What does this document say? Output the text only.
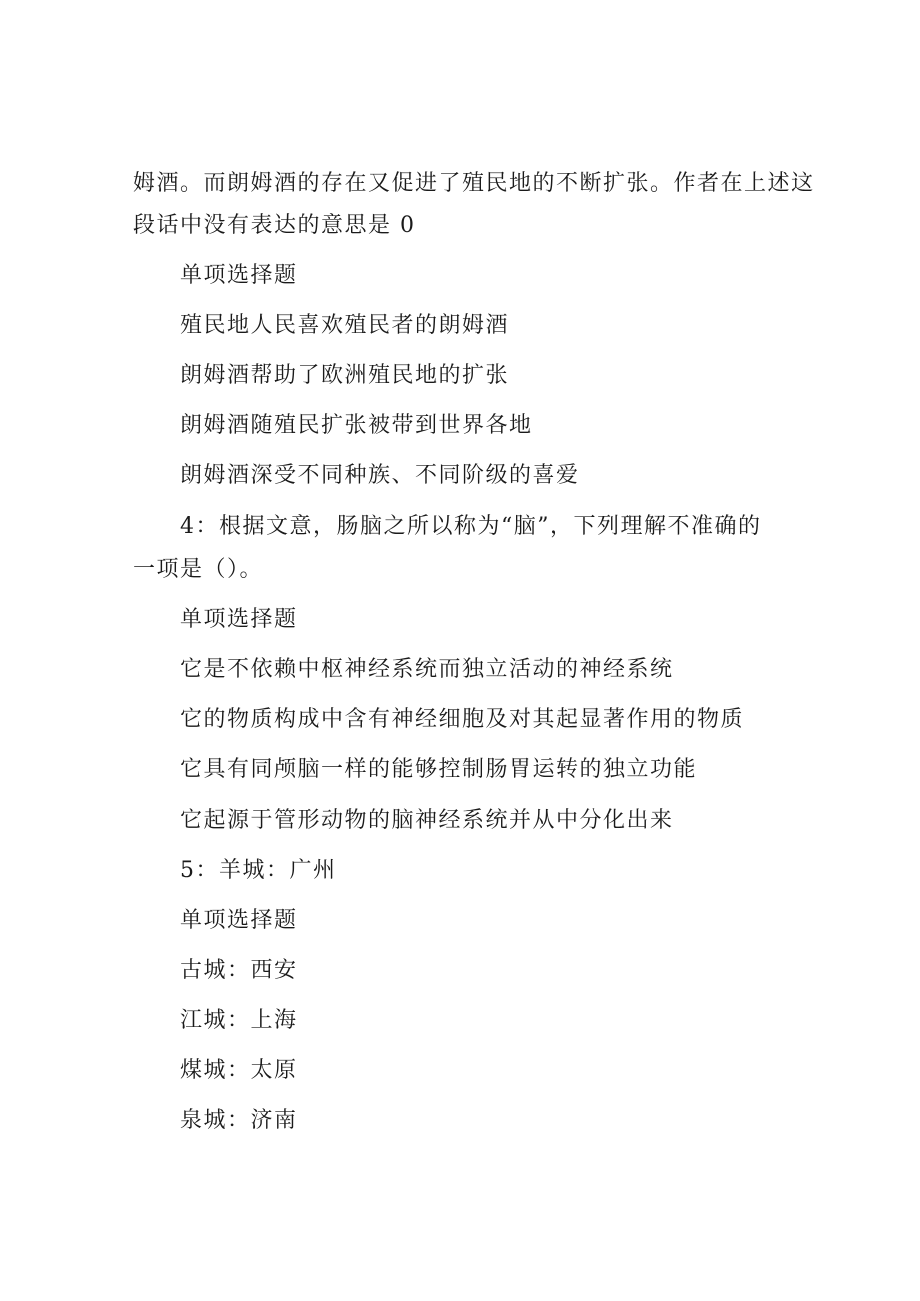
姆酒。而朗姆酒的存在又促进了殖民地的不断扩张。作者在上述这
段话中没有表达的意思是 0
单项选择题
殖民地人民喜欢殖民者的朗姆酒
朗姆酒帮助了欧洲殖民地的扩张
朗姆酒随殖民扩张被带到世界各地
朗姆酒深受不同种族、不同阶级的喜爱
4：根据文意，肠脑之所以称为“脑”，下列理解不准确的
一项是（）。
单项选择题
它是不依赖中枢神经系统而独立活动的神经系统
它的物质构成中含有神经细胞及对其起显著作用的物质
它具有同颅脑一样的能够控制肠胃运转的独立功能
它起源于管形动物的脑神经系统并从中分化出来
5：羊城：广州
单项选择题
古城：西安
江城：上海
煤城：太原
泉城：济南
